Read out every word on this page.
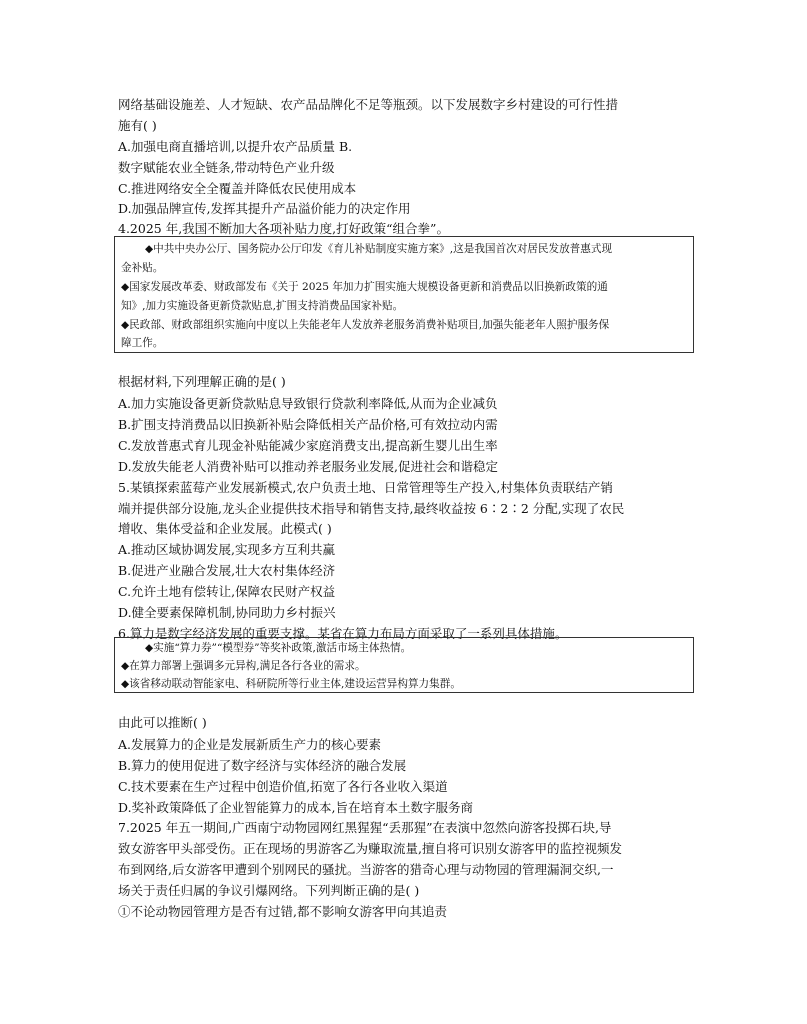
网络基础设施差、人才短缺、农产品品牌化不足等瓶颈。以下发展数字乡村建设的可行性措
施有( )
A.加强电商直播培训,以提升农产品质量 B.
数字赋能农业全链条,带动特色产业升级
C.推进网络安全全覆盖并降低农民使用成本
D.加强品牌宣传,发挥其提升产品溢价能力的决定作用
4.2025 年,我国不断加大各项补贴力度,打好政策“组合拳”。
◆中共中央办公厅、国务院办公厅印发《育儿补贴制度实施方案》,这是我国首次对居民发放普惠式现
金补贴。
◆国家发展改革委、财政部发布《关于 2025 年加力扩围实施大规模设备更新和消费品以旧换新政策的通
知》,加力实施设备更新贷款贴息,扩围支持消费品国家补贴。
◆民政部、财政部组织实施向中度以上失能老年人发放养老服务消费补贴项目,加强失能老年人照护服务保
障工作。
根据材料,下列理解正确的是( )
A.加力实施设备更新贷款贴息导致银行贷款利率降低,从而为企业减负
B.扩围支持消费品以旧换新补贴会降低相关产品价格,可有效拉动内需
C.发放普惠式育儿现金补贴能减少家庭消费支出,提高新生婴儿出生率
D.发放失能老人消费补贴可以推动养老服务业发展,促进社会和谐稳定
5.某镇探索蓝莓产业发展新模式,农户负责土地、日常管理等生产投入,村集体负责联结产销
端并提供部分设施,龙头企业提供技术指导和销售支持,最终收益按 6∶2∶2 分配,实现了农民
增收、集体受益和企业发展。此模式( )
A.推动区域协调发展,实现多方互利共赢
B.促进产业融合发展,壮大农村集体经济
C.允许土地有偿转让,保障农民财产权益
D.健全要素保障机制,协同助力乡村振兴
6.算力是数字经济发展的重要支撑。某省在算力布局方面采取了一系列具体措施。
◆实施“算力券”“模型券”等奖补政策,激活市场主体热情。
◆在算力部署上强调多元异构,满足各行各业的需求。
◆该省移动联动智能家电、科研院所等行业主体,建设运营异构算力集群。
由此可以推断( )
A.发展算力的企业是发展新质生产力的核心要素
B.算力的使用促进了数字经济与实体经济的融合发展
C.技术要素在生产过程中创造价值,拓宽了各行各业收入渠道
D.奖补政策降低了企业智能算力的成本,旨在培育本土数字服务商
7.2025 年五一期间,广西南宁动物园网红黑猩猩“丢那猩”在表演中忽然向游客投掷石块,导
致女游客甲头部受伤。正在现场的男游客乙为赚取流量,擅自将可识别女游客甲的监控视频发
布到网络,后女游客甲遭到个别网民的骚扰。当游客的猎奇心理与动物园的管理漏洞交织,一
场关于责任归属的争议引爆网络。下列判断正确的是( )
①不论动物园管理方是否有过错,都不影响女游客甲向其追责
